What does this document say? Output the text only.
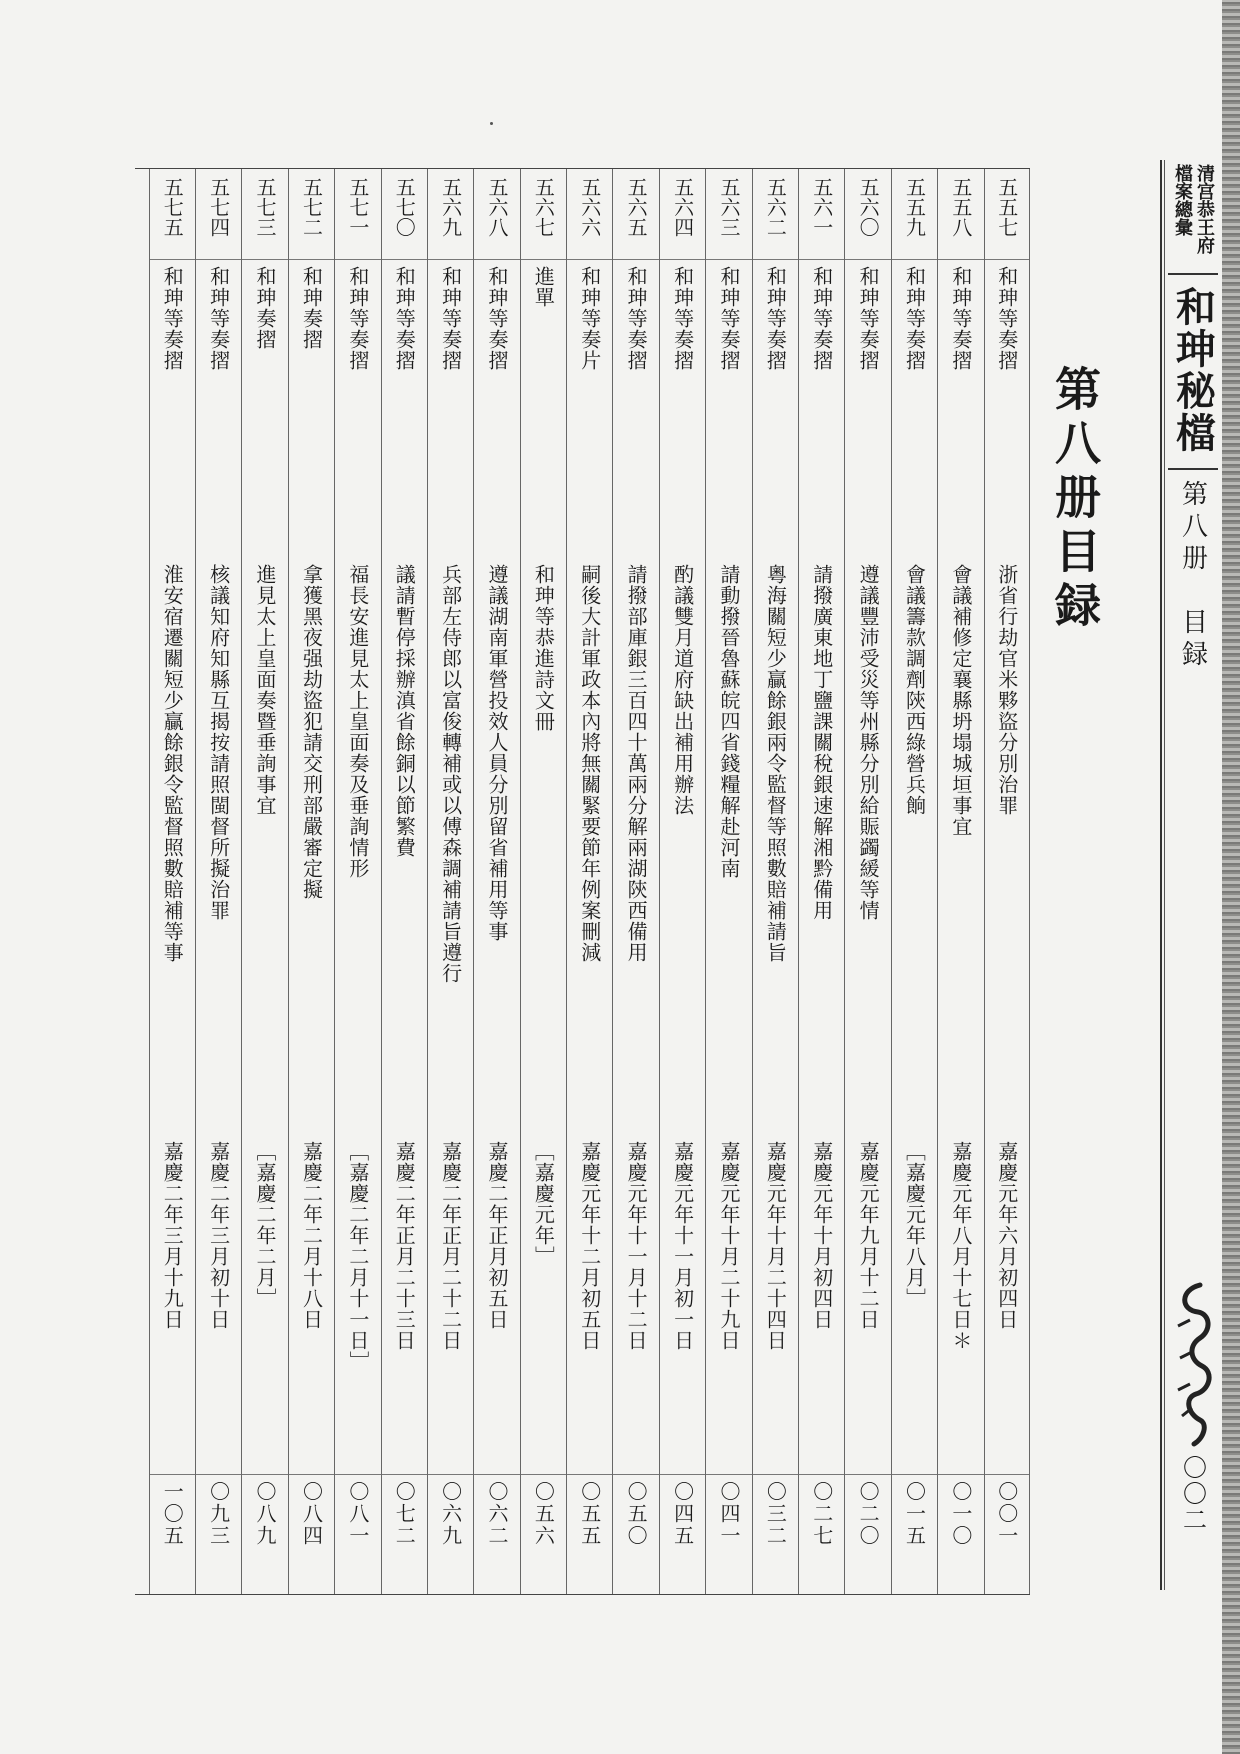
清宫恭王府
檔案總彙
和珅秘檔
第八册　目録
〇〇二
第八册目録
五五七
和珅等奏摺
浙省行劫官米夥盜分別治罪
嘉慶元年六月初四日
〇〇一
五五八
和珅等奏摺
會議補修定襄縣坍塌城垣事宜
嘉慶元年八月十七日＊
〇一〇
五五九
和珅等奏摺
會議籌款調劑陝西綠營兵餉
［嘉慶元年八月］
〇一五
五六〇
和珅等奏摺
遵議豐沛受災等州縣分別給賑蠲緩等情
嘉慶元年九月十二日
〇二〇
五六一
和珅等奏摺
請撥廣東地丁鹽課關稅銀速解湘黔備用
嘉慶元年十月初四日
〇二七
五六二
和珅等奏摺
粵海關短少贏餘銀兩令監督等照數賠補請旨
嘉慶元年十月二十四日
〇三二
五六三
和珅等奏摺
請動撥晉魯蘇皖四省錢糧解赴河南
嘉慶元年十月二十九日
〇四一
五六四
和珅等奏摺
酌議雙月道府缺出補用辦法
嘉慶元年十一月初一日
〇四五
五六五
和珅等奏摺
請撥部庫銀三百四十萬兩分解兩湖陝西備用
嘉慶元年十一月十二日
〇五〇
五六六
和珅等奏片
嗣後大計軍政本內將無關緊要節年例案刪減
嘉慶元年十二月初五日
〇五五
五六七
進單
和珅等恭進詩文冊
［嘉慶元年］
〇五六
五六八
和珅等奏摺
遵議湖南軍營投效人員分別留省補用等事
嘉慶二年正月初五日
〇六二
五六九
和珅等奏摺
兵部左侍郎以富俊轉補或以傅森調補請旨遵行
嘉慶二年正月二十二日
〇六九
五七〇
和珅等奏摺
議請暫停採辦滇省餘銅以節繁費
嘉慶二年正月二十三日
〇七二
五七一
和珅等奏摺
福長安進見太上皇面奏及垂詢情形
［嘉慶二年二月十一日］
〇八一
五七二
和珅奏摺
拿獲黑夜强劫盜犯請交刑部嚴審定擬
嘉慶二年二月十八日
〇八四
五七三
和珅奏摺
進見太上皇面奏暨垂詢事宜
［嘉慶二年二月］
〇八九
五七四
和珅等奏摺
核議知府知縣互揭按請照閩督所擬治罪
嘉慶二年三月初十日
〇九三
五七五
和珅等奏摺
淮安宿遷關短少贏餘銀令監督照數賠補等事
嘉慶二年三月十九日
一〇五
